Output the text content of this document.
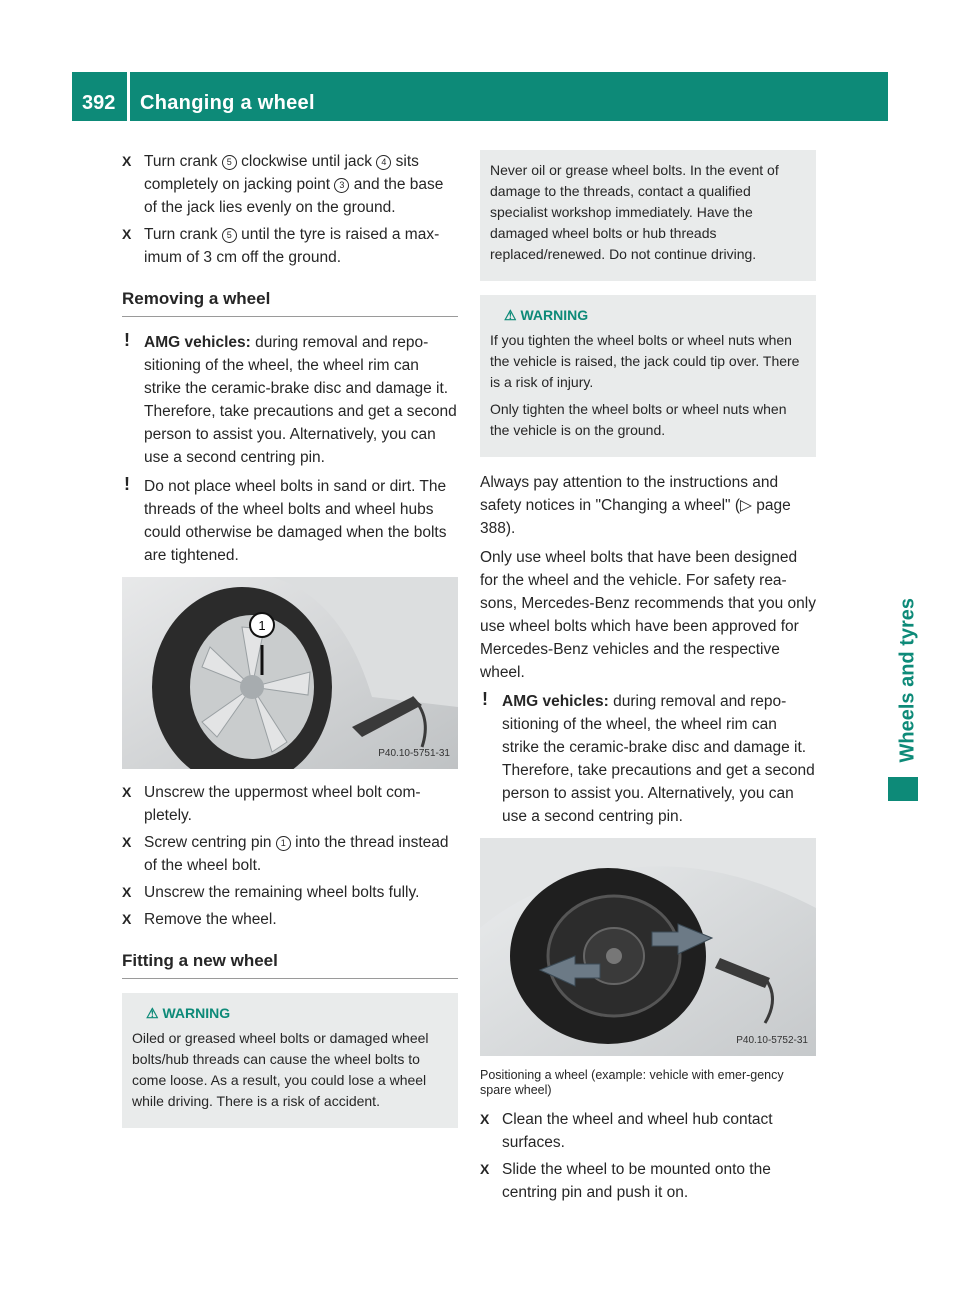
392 Changing a wheel
Wheels and tyres
X Turn crank 5 clockwise until jack 4 sits completely on jacking point 3 and the base of the jack lies evenly on the ground.
X Turn crank 5 until the tyre is raised a max-imum of 3 cm off the ground.
Removing a wheel
! AMG vehicles: during removal and repo-sitioning of the wheel, the wheel rim can strike the ceramic-brake disc and damage it. Therefore, take precautions and get a second person to assist you. Alternatively, you can use a second centring pin.
! Do not place wheel bolts in sand or dirt. The threads of the wheel bolts and wheel hubs could otherwise be damaged when the bolts are tightened.
1
P40.10-5751-31
X Unscrew the uppermost wheel bolt com-pletely.
X Screw centring pin 1 into the thread instead of the wheel bolt.
X Unscrew the remaining wheel bolts fully.
X Remove the wheel.
Fitting a new wheel
⚠ WARNING

Oiled or greased wheel bolts or damaged wheel bolts/hub threads can cause the wheel bolts to come loose. As a result, you could lose a wheel while driving. There is a risk of accident.

Never oil or grease wheel bolts. In the event of damage to the threads, contact a qualified specialist workshop immediately. Have the damaged wheel bolts or hub threads replaced/renewed. Do not continue driving.

⚠ WARNING

If you tighten the wheel bolts or wheel nuts when the vehicle is raised, the jack could tip over. There is a risk of injury.

Only tighten the wheel bolts or wheel nuts when the vehicle is on the ground.

Always pay attention to the instructions and safety notices in "Changing a wheel" (▷ page 388).

Only use wheel bolts that have been designed for the wheel and the vehicle. For safety rea-sons, Mercedes-Benz recommends that you only use wheel bolts which have been approved for Mercedes-Benz vehicles and the respective wheel.

! AMG vehicles: during removal and repo-sitioning of the wheel, the wheel rim can strike the ceramic-brake disc and damage it. Therefore, take precautions and get a second person to assist you. Alternatively, you can use a second centring pin.
P40.10-5752-31
Positioning a wheel (example: vehicle with emer-gency spare wheel)
X Clean the wheel and wheel hub contact surfaces.
X Slide the wheel to be mounted onto the centring pin and push it on.
